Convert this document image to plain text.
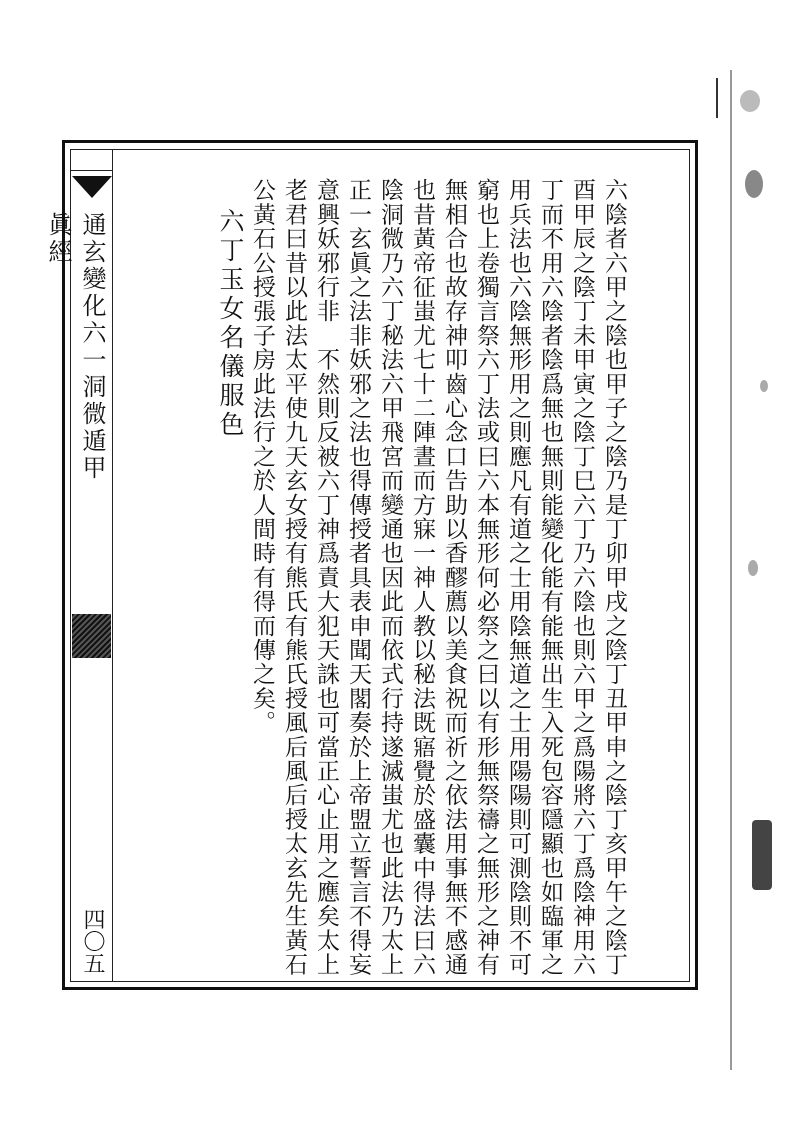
通玄變化六一洞微遁甲眞經
四〇五	六陰者六甲之陰也甲子之陰乃是丁卯甲戌之陰丁丑甲申之陰丁亥甲午之陰丁酉甲辰之陰丁未甲寅之陰丁巳六丁乃六陰也則六甲之爲陽將六丁爲陰神用六丁而不用六陰者陰爲無也無則能變化能有能無出生入死包容隱顯也如臨軍之用兵法也六陰無形用之則應凡有道之士用陰無道之士用陽陽則可測陰則不可窮也上卷獨言祭六丁法或曰六本無形何必祭之曰以有形無祭禱之無形之神有無相合也故存神叩齒心念口告助以香醪薦以美食祝而祈之依法用事無不感通也昔黃帝征蚩尤七十二陣晝而方寐一神人教以秘法既寤覺於盛囊中得法曰六陰洞微乃六丁秘法六甲飛宮而變通也因此而依式行持遂滅蚩尤也此法乃太上正一玄眞之法非妖邪之法也得傳授者具表申聞天閣奏於上帝盟立誓言不得妄意興妖邪行非　不然則反被六丁神爲責大犯天誅也可當正心止用之應矣太上老君曰昔以此法太平使九天玄女授有熊氏有熊氏授風后風后授太玄先生黃石公黃石公授張子房此法行之於人間時有得而傳之矣。
六丁玉女名儀服色
